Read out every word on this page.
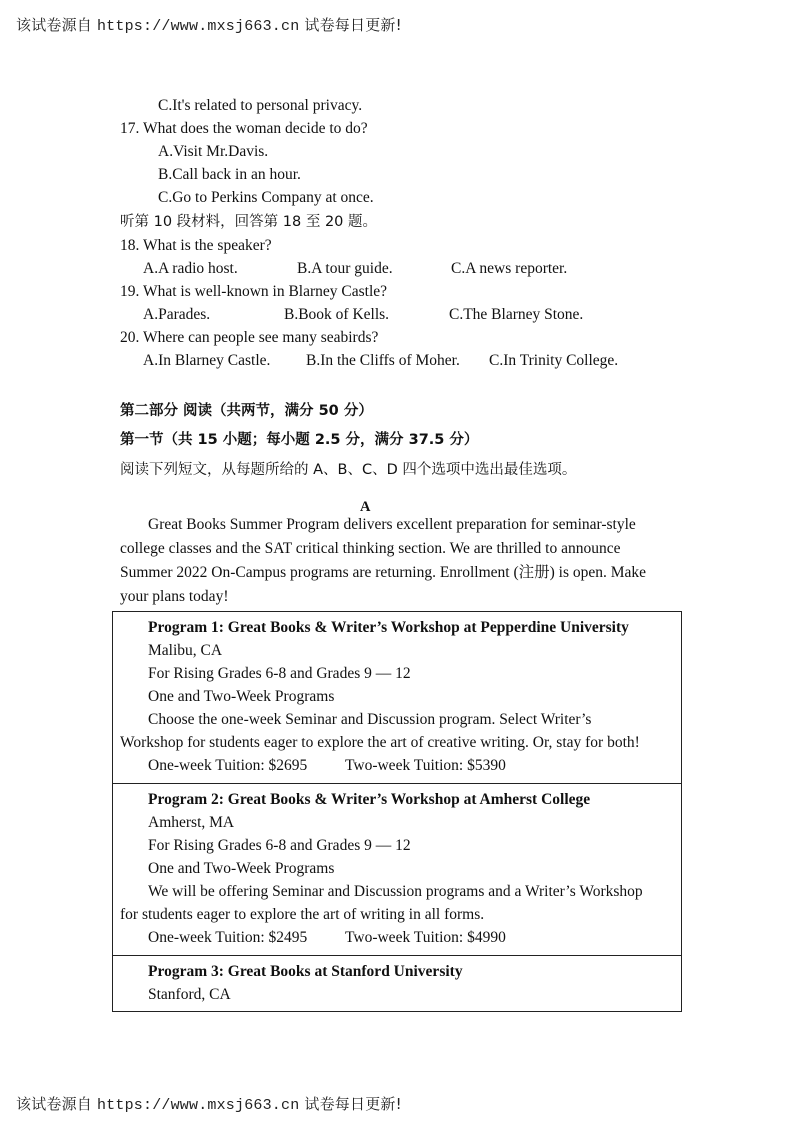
该试卷源自 https://www.mxsj663.cn 试卷每日更新!
C.It's related to personal privacy.
17. What does the woman decide to do?
A.Visit Mr.Davis.
B.Call back in an hour.
C.Go to Perkins Company at once.
听第 10 段材料，回答第 18 至 20 题。
18. What is the speaker?
A.A radio host.	B.A tour guide.	C.A news reporter.
19. What is well-known in Blarney Castle?
A.Parades.	B.Book of Kells.	C.The Blarney Stone.
20. Where can people see many seabirds?
A.In Blarney Castle. B.In the Cliffs of Moher. C.In Trinity College.
第二部分 阅读（共两节，满分 50 分）
第一节（共 15 小题；每小题 2.5 分，满分 37.5 分）
阅读下列短文，从每题所给的 A、B、C、D 四个选项中选出最佳选项。
A
Great Books Summer Program delivers excellent preparation for seminar-style
college classes and the SAT critical thinking section. We are thrilled to announce
Summer 2022 On-Campus programs are returning. Enrollment (注册) is open. Make
your plans today!
Program 1: Great Books & Writer’s Workshop at Pepperdine University
Malibu, CA
For Rising Grades 6-8 and Grades 9 — 12
One and Two-Week Programs
Choose the one-week Seminar and Discussion program. Select Writer’s
Workshop for students eager to explore the art of creative writing. Or, stay for both!
One-week Tuition: $2695 Two-week Tuition: $5390
Program 2: Great Books & Writer’s Workshop at Amherst College
Amherst, MA
For Rising Grades 6-8 and Grades 9 — 12
One and Two-Week Programs
We will be offering Seminar and Discussion programs and a Writer’s Workshop
for students eager to explore the art of writing in all forms.
One-week Tuition: $2495 Two-week Tuition: $4990
Program 3: Great Books at Stanford University
Stanford, CA
该试卷源自 https://www.mxsj663.cn 试卷每日更新!
